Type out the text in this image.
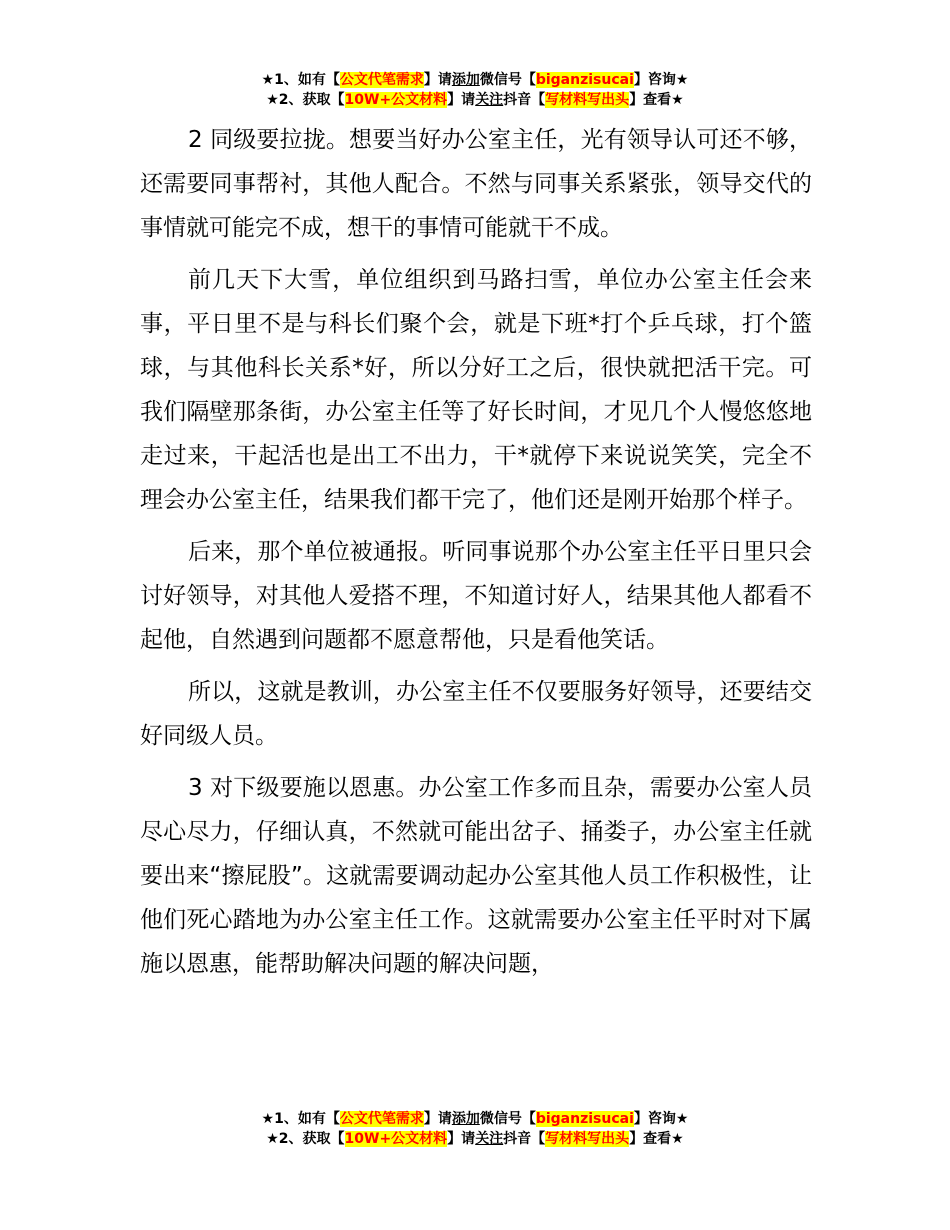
★1、如有【公文代笔需求】请添加微信号【biganzisucai】咨询★
★2、获取【10W+公文材料】请关注抖音【写材料写出头】查看★

2 同级要拉拢。想要当好办公室主任，光有领导认可还不够，还需要同事帮衬，其他人配合。不然与同事关系紧张，领导交代的事情就可能完不成，想干的事情可能就干不成。

前几天下大雪，单位组织到马路扫雪，单位办公室主任会来事，平日里不是与科长们聚个会，就是下班*打个乒乓球，打个篮球，与其他科长关系*好，所以分好工之后，很快就把活干完。可我们隔壁那条街，办公室主任等了好长时间，才见几个人慢悠悠地走过来，干起活也是出工不出力，干*就停下来说说笑笑，完全不理会办公室主任，结果我们都干完了，他们还是刚开始那个样子。

后来，那个单位被通报。听同事说那个办公室主任平日里只会讨好领导，对其他人爱搭不理，不知道讨好人，结果其他人都看不起他，自然遇到问题都不愿意帮他，只是看他笑话。

所以，这就是教训，办公室主任不仅要服务好领导，还要结交好同级人员。

3 对下级要施以恩惠。办公室工作多而且杂，需要办公室人员尽心尽力，仔细认真，不然就可能出岔子、捅娄子，办公室主任就要出来“擦屁股”。这就需要调动起办公室其他人员工作积极性，让他们死心踏地为办公室主任工作。这就需要办公室主任平时对下属施以恩惠，能帮助解决问题的解决问题，

★1、如有【公文代笔需求】请添加微信号【biganzisucai】咨询★
★2、获取【10W+公文材料】请关注抖音【写材料写出头】查看★
